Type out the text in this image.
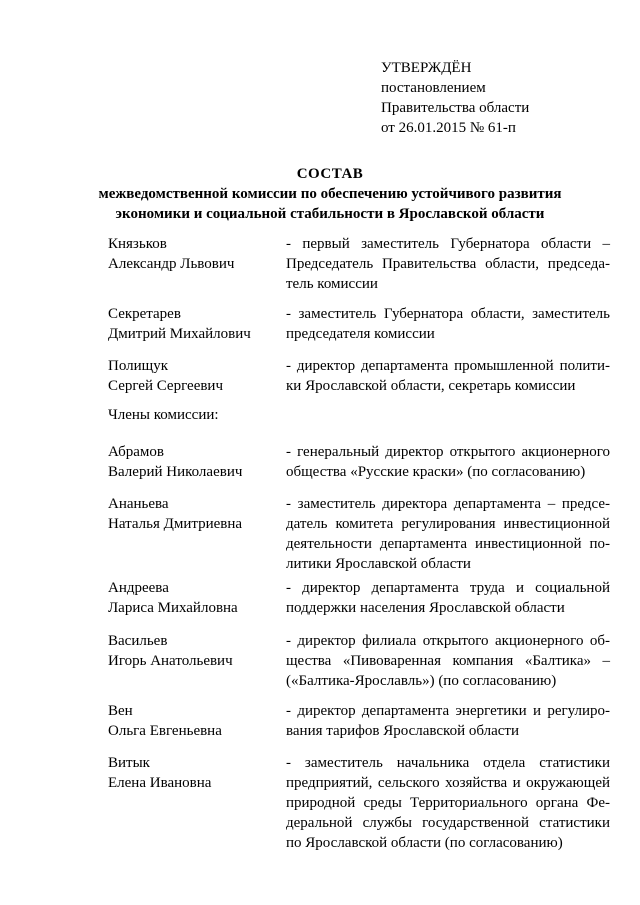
УТВЕРЖДЁН
постановлением
Правительства области
от 26.01.2015 № 61-п
СОСТАВ
межведомственной комиссии по обеспечению устойчивого развития
экономики и социальной стабильности в Ярославской области
Князьков
Александр Львович
- первый заместитель Губернатора области –
Председатель Правительства области, председа-
тель комиссии
Секретарев
Дмитрий Михайлович
- заместитель Губернатора области, заместитель
председателя комиссии
Полищук
Сергей Сергеевич
- директор департамента промышленной полити-
ки Ярославской области, секретарь комиссии
Члены комиссии:
Абрамов
Валерий Николаевич
- генеральный директор открытого акционерного
общества «Русские краски» (по согласованию)
Ананьева
Наталья Дмитриевна
- заместитель директора департамента – предсе-
датель комитета регулирования инвестиционной
деятельности департамента инвестиционной по-
литики Ярославской области
Андреева
Лариса Михайловна
- директор департамента труда и социальной
поддержки населения Ярославской области
Васильев
Игорь Анатольевич
- директор филиала открытого акционерного об-
щества «Пивоваренная компания «Балтика» –
(«Балтика-Ярославль») (по согласованию)
Вен
Ольга Евгеньевна
- директор департамента энергетики и регулиро-
вания тарифов Ярославской области
Витык
Елена Ивановна
- заместитель начальника отдела статистики
предприятий, сельского хозяйства и окружающей
природной среды Территориального органа Фе-
деральной службы государственной статистики
по Ярославской области (по согласованию)
